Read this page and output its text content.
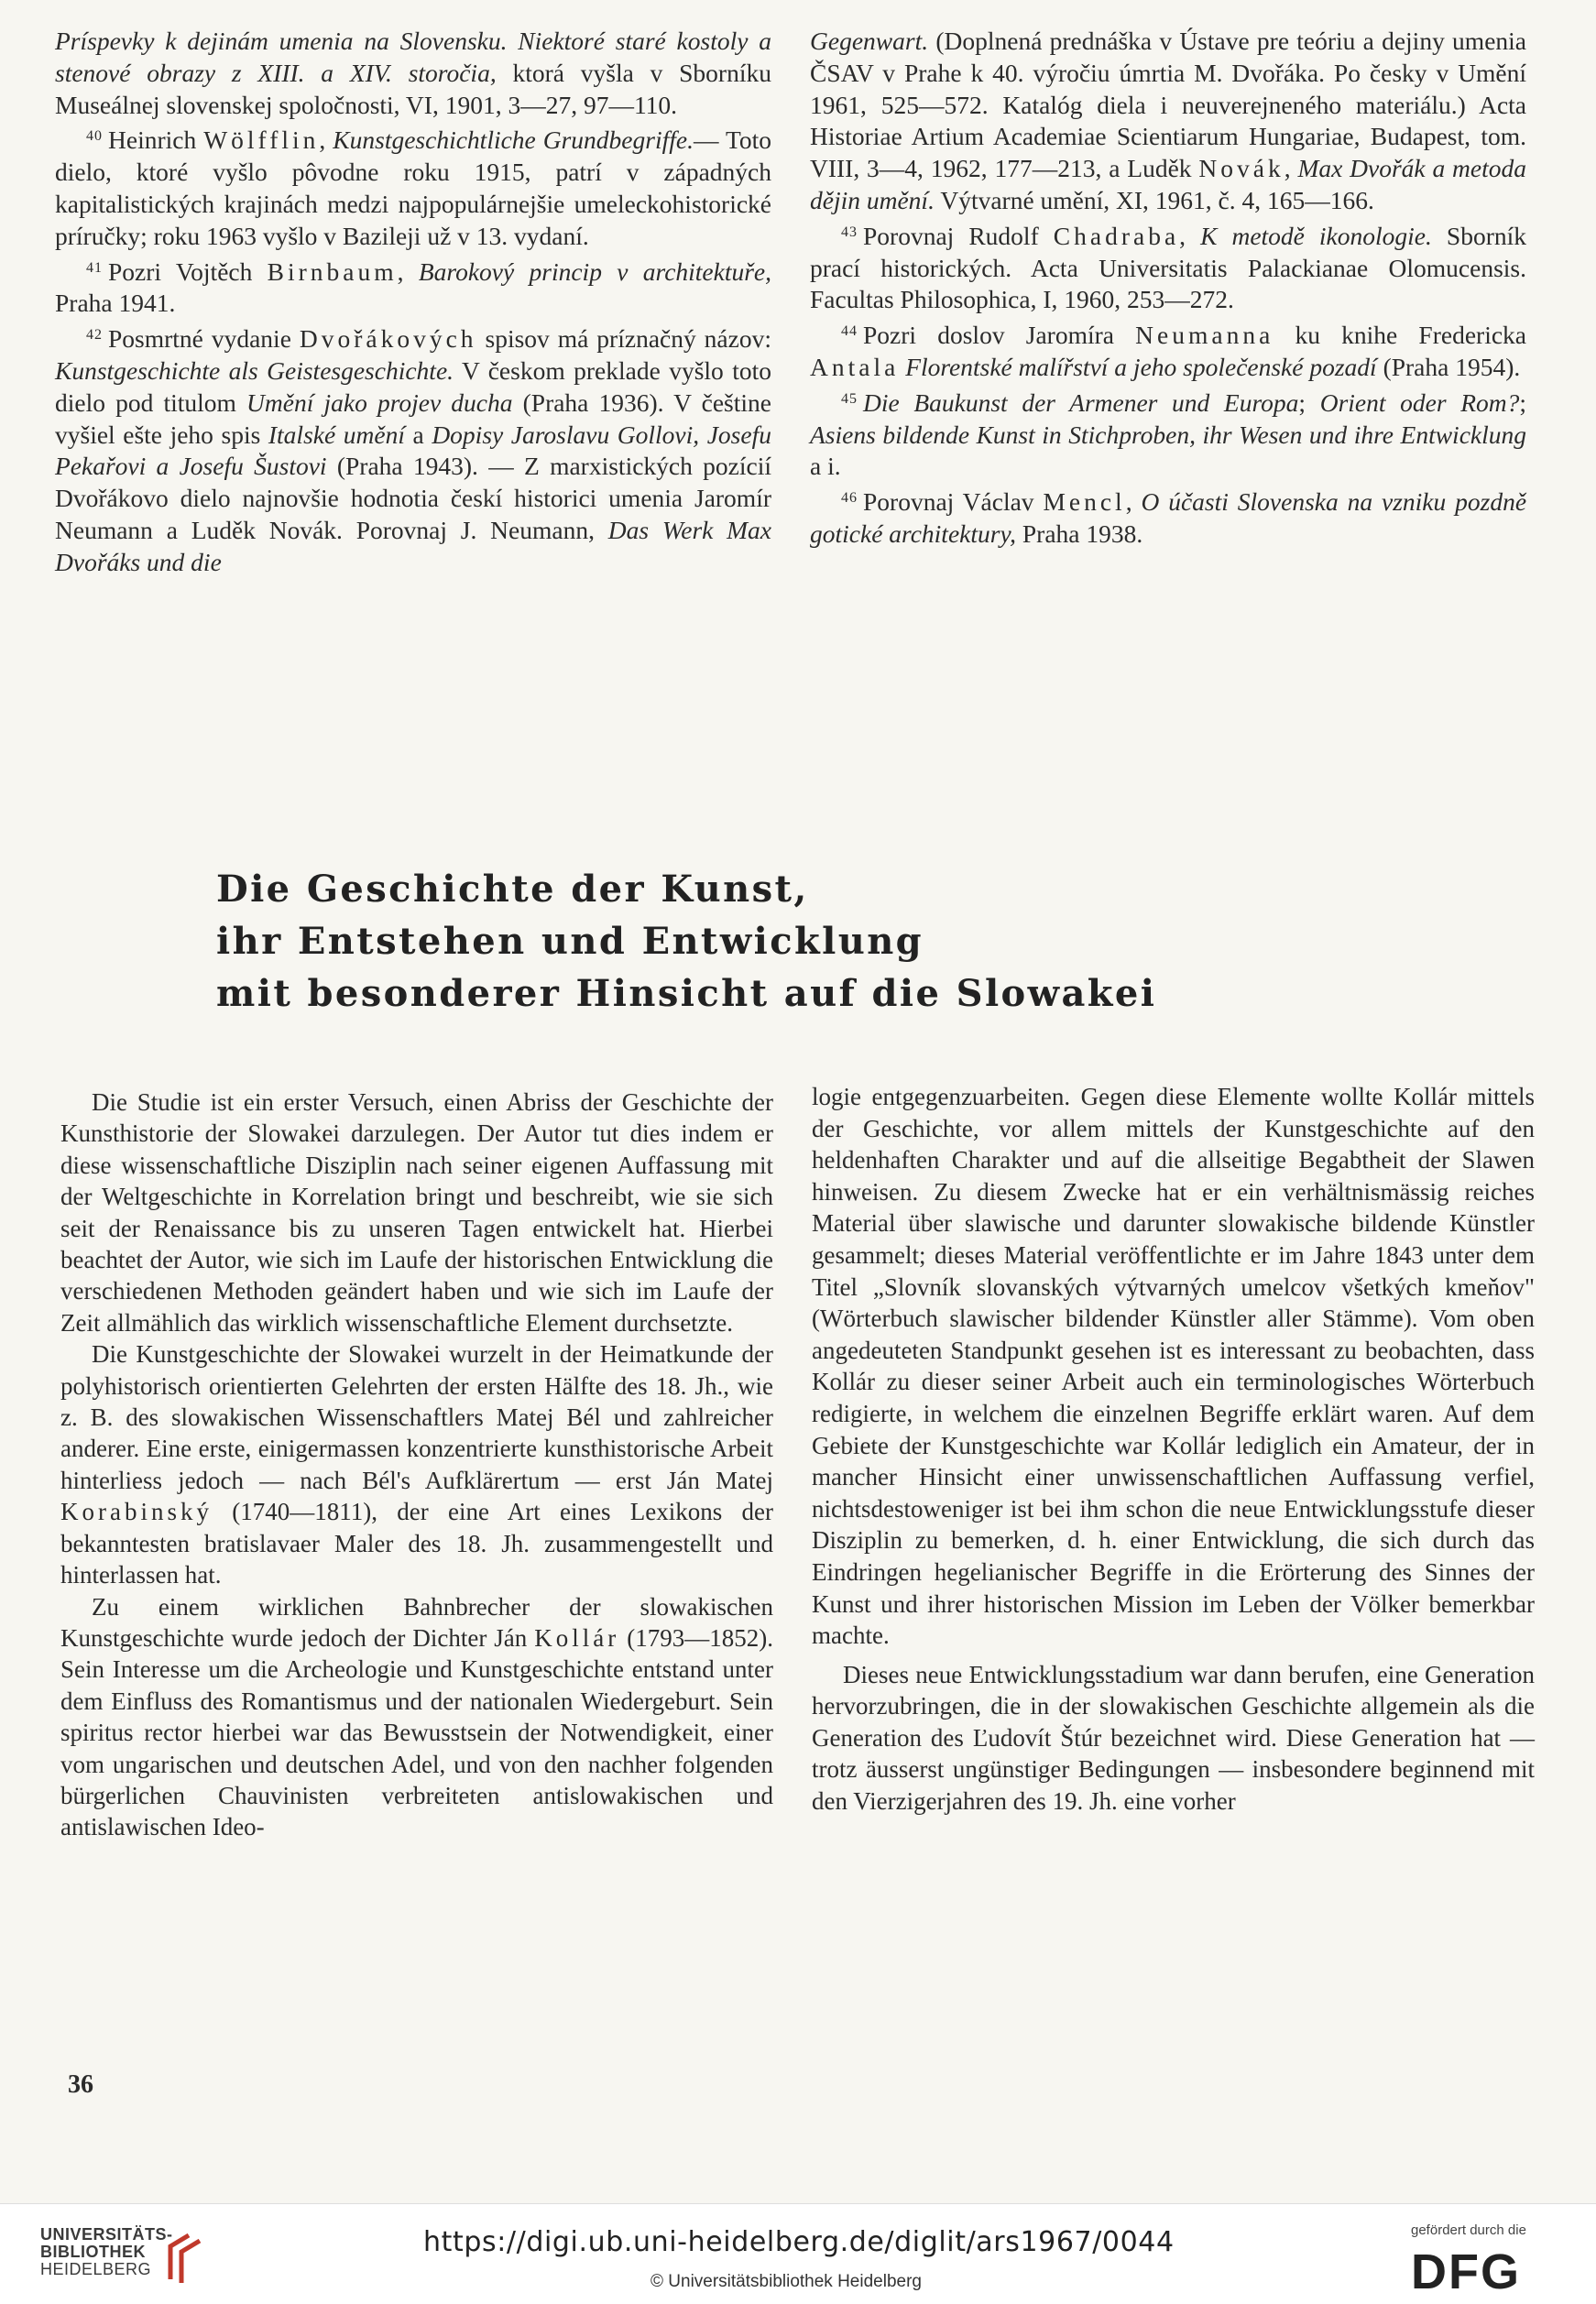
Príspevky k dejinám umenia na Slovensku. Niektoré staré kostoly a stenové obrazy z XIII. a XIV. storočia, ktorá vyšla v Sborníku Museálnej slovenskej spoločnosti, VI, 1901, 3—27, 97—110.

$^{40}$ Heinrich Wölfflin, Kunstgeschichtliche Grundbegriffe.— Toto dielo, ktoré vyšlo pôvodne roku 1915, patrí v západných kapitalistických krajinách medzi najpopulárnejšie umeleckohistorické príručky; roku 1963 vyšlo v Bazileji už v 13. vydaní.

$^{41}$ Pozri Vojtěch Birnbaum, Barokový princip v architektuře, Praha 1941.

$^{42}$ Posmrtné vydanie Dvořákových spisov má príznačný názov: Kunstgeschichte als Geistesgeschichte. V českom preklade vyšlo toto dielo pod titulom Umění jako projev ducha (Praha 1936). V češtine vyšiel ešte jeho spis Italské umění a Dopisy Jaroslavu Gollovi, Josefu Pekařovi a Josefu Šustovi (Praha 1943). — Z marxistických pozícií Dvořákovo dielo najnovšie hodnotia českí historici umenia Jaromír Neumann a Luděk Novák. Porovnaj J. Neumann, Das Werk Max Dvořáks und die

Gegenwart. (Doplnená prednáška v Ústave pre teóriu a dejiny umenia ČSAV v Prahe k 40. výročiu úmrtia M. Dvořáka. Po česky v Umění 1961, 525—572. Katalóg diela i neuverejneného materiálu.) Acta Historiae Artium Academiae Scientiarum Hungariae, Budapest, tom. VIII, 3—4, 1962, 177—213, a Luděk Novák, Max Dvořák a metoda dějin umění. Výtvarné umění, XI, 1961, č. 4, 165—166.

$^{43}$ Porovnaj Rudolf Chadraba, K metodě ikonologie. Sborník prací historických. Acta Universitatis Palackianae Olomucensis. Facultas Philosophica, I, 1960, 253—272.

$^{44}$ Pozri doslov Jaromíra Neumanna ku knihe Fredericka Antala Florentské malířství a jeho společenské pozadí (Praha 1954).

$^{45}$ Die Baukunst der Armener und Europa; Orient oder Rom?; Asiens bildende Kunst in Stichproben, ihr Wesen und ihre Entwicklung a i.

$^{46}$ Porovnaj Václav Mencl, O účasti Slovenska na vzniku pozdně gotické architektury, Praha 1938.

Die Geschichte der Kunst,
ihr Entstehen und Entwicklung
mit besonderer Hinsicht auf die Slowakei

Die Studie ist ein erster Versuch, einen Abriss der Geschichte der Kunsthistorie der Slowakei darzulegen. Der Autor tut dies indem er diese wissenschaftliche Disziplin nach seiner eigenen Auffassung mit der Weltgeschichte in Korrelation bringt und beschreibt, wie sie sich seit der Renaissance bis zu unseren Tagen entwickelt hat. Hierbei beachtet der Autor, wie sich im Laufe der historischen Entwicklung die verschiedenen Methoden geändert haben und wie sich im Laufe der Zeit allmählich das wirklich wissenschaftliche Element durchsetzte.

Die Kunstgeschichte der Slowakei wurzelt in der Heimatkunde der polyhistorisch orientierten Gelehrten der ersten Hälfte des 18. Jh., wie z. B. des slowakischen Wissenschaftlers Matej Bél und zahlreicher anderer. Eine erste, einigermassen konzentrierte kunsthistorische Arbeit hinterliess jedoch — nach Bél's Aufklärertum — erst Ján Matej Korabinský (1740—1811), der eine Art eines Lexikons der bekanntesten bratislavaer Maler des 18. Jh. zusammengestellt und hinterlassen hat.

Zu einem wirklichen Bahnbrecher der slowakischen Kunstgeschichte wurde jedoch der Dichter Ján Kollár (1793—1852). Sein Interesse um die Archeologie und Kunstgeschichte entstand unter dem Einfluss des Romantismus und der nationalen Wiedergeburt. Sein spiritus rector hierbei war das Bewusstsein der Notwendigkeit, einer vom ungarischen und deutschen Adel, und von den nachher folgenden bürgerlichen Chauvinisten verbreiteten antislowakischen und antislawischen Ideo-

logie entgegenzuarbeiten. Gegen diese Elemente wollte Kollár mittels der Geschichte, vor allem mittels der Kunstgeschichte auf den heldenhaften Charakter und auf die allseitige Begabtheit der Slawen hinweisen. Zu diesem Zwecke hat er ein verhältnismässig reiches Material über slawische und darunter slowakische bildende Künstler gesammelt; dieses Material veröffentlichte er im Jahre 1843 unter dem Titel „Slovník slovanských výtvarných umelcov všetkých kmeňov" (Wörterbuch slawischer bildender Künstler aller Stämme). Vom oben angedeuteten Standpunkt gesehen ist es interessant zu beobachten, dass Kollár zu dieser seiner Arbeit auch ein terminologisches Wörterbuch redigierte, in welchem die einzelnen Begriffe erklärt waren. Auf dem Gebiete der Kunstgeschichte war Kollár lediglich ein Amateur, der in mancher Hinsicht einer unwissenschaftlichen Auffassung verfiel, nichtsdestoweniger ist bei ihm schon die neue Entwicklungsstufe dieser Disziplin zu bemerken, d. h. einer Entwicklung, die sich durch das Eindringen hegelianischer Begriffe in die Erörterung des Sinnes der Kunst und ihrer historischen Mission im Leben der Völker bemerkbar machte.

Dieses neue Entwicklungsstadium war dann berufen, eine Generation hervorzubringen, die in der slowakischen Geschichte allgemein als die Generation des Ľudovít Štúr bezeichnet wird. Diese Generation hat — trotz äusserst ungünstiger Bedingungen — insbesondere beginnend mit den Vierzigerjahren des 19. Jh. eine vorher

36
UNIVERSITÄTS-
BIBLIOTHEK
HEIDELBERG
https://digi.ub.uni-heidelberg.de/diglit/ars1967/0044
© Universitätsbibliothek Heidelberg
gefördert durch die
DFG
